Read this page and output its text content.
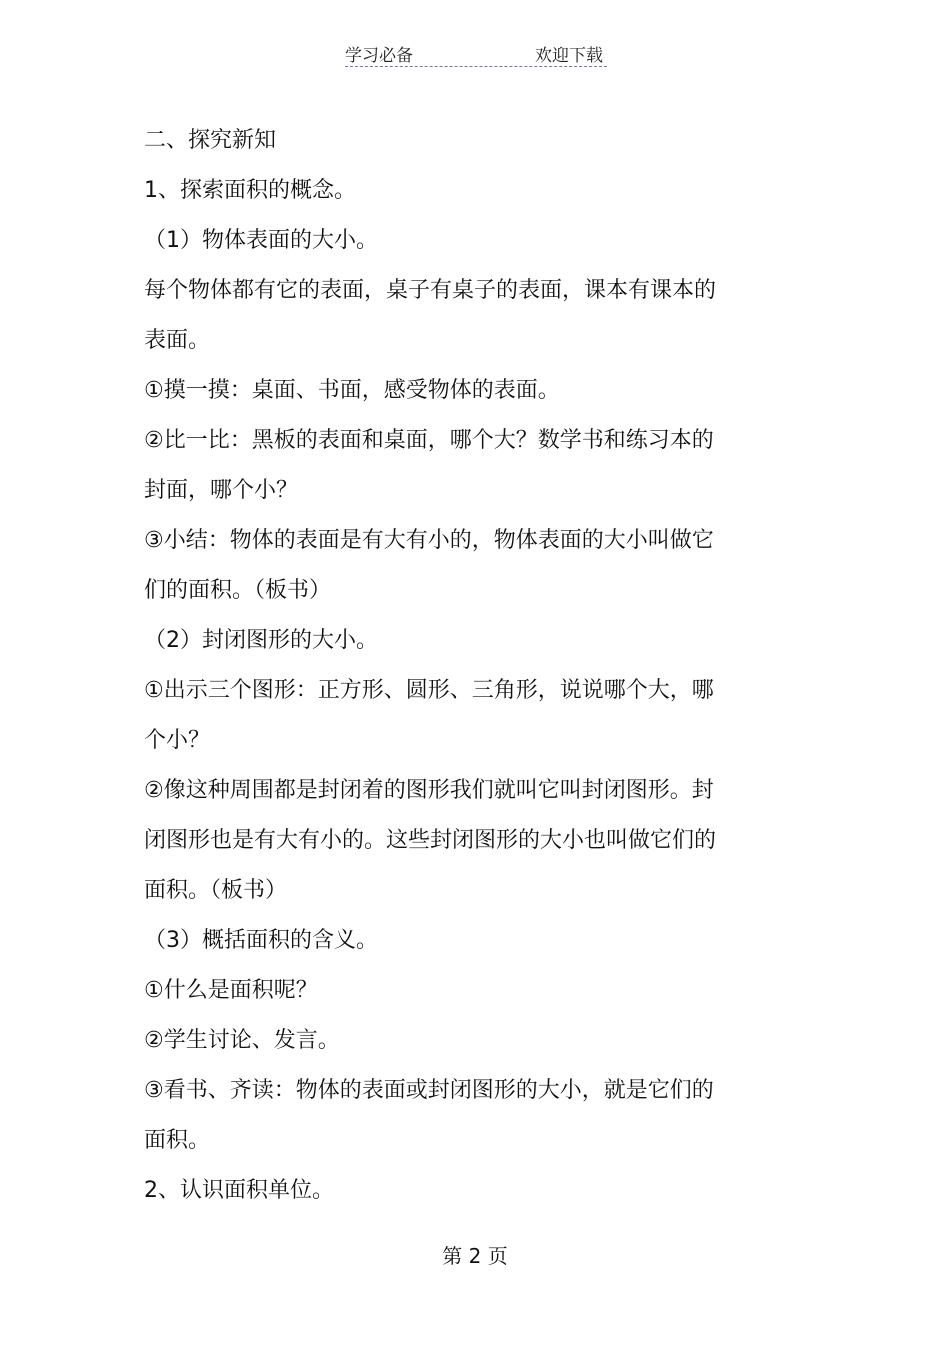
学习必备	欢迎下载
二、探究新知
1、探索面积的概念。
（1）物体表面的大小。
每个物体都有它的表面，桌子有桌子的表面，课本有课本的
表面。
①摸一摸：桌面、书面，感受物体的表面。
②比一比：黑板的表面和桌面，哪个大？数学书和练习本的
封面，哪个小？
③小结：物体的表面是有大有小的，物体表面的大小叫做它
们的面积。（板书）
（2）封闭图形的大小。
①出示三个图形：正方形、圆形、三角形，说说哪个大，哪
个小？
②像这种周围都是封闭着的图形我们就叫它叫封闭图形。封
闭图形也是有大有小的。这些封闭图形的大小也叫做它们的
面积。（板书）
（3）概括面积的含义。
①什么是面积呢？
②学生讨论、发言。
③看书、齐读：物体的表面或封闭图形的大小，就是它们的
面积。
2、认识面积单位。
第 2 页
